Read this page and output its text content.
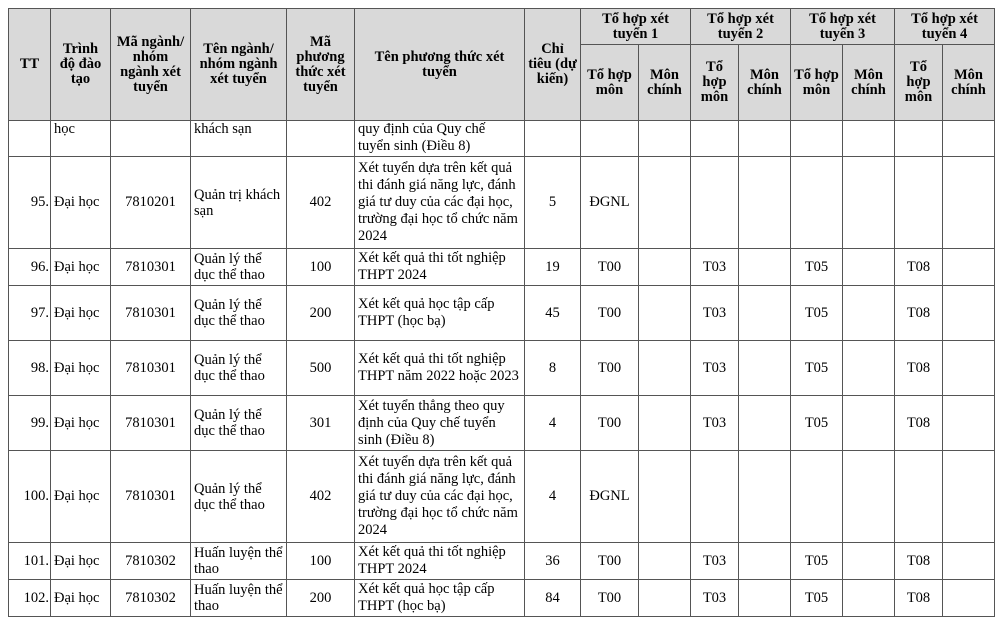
TT	Trình độ đào tạo	Mã ngành/ nhóm ngành xét tuyển	Tên ngành/ nhóm ngành xét tuyển	Mã phương thức xét tuyển	Tên phương thức xét tuyển	Chỉ tiêu (dự kiến)	Tổ hợp xét tuyển 1		Tổ hợp xét tuyển 2		Tổ hợp xét tuyển 3		Tổ hợp xét tuyển 4	
							Tổ hợp môn	Môn chính	Tổ hợp môn	Môn chính	Tổ hợp môn	Môn chính	Tổ hợp môn	Môn chính
	học		khách sạn		quy định của Quy chế tuyển sinh (Điều 8)									
95.	Đại học	7810201	Quản trị khách sạn	402	Xét tuyển dựa trên kết quả thi đánh giá năng lực, đánh giá tư duy của các đại học, trường đại học tổ chức năm 2024	5	ĐGNL							
96.	Đại học	7810301	Quản lý thể dục thể thao	100	Xét kết quả thi tốt nghiệp THPT 2024	19	T00		T03		T05		T08	
97.	Đại học	7810301	Quản lý thể dục thể thao	200	Xét kết quả học tập cấp THPT (học bạ)	45	T00		T03		T05		T08	
98.	Đại học	7810301	Quản lý thể dục thể thao	500	Xét kết quả thi tốt nghiệp THPT năm 2022 hoặc 2023	8	T00		T03		T05		T08	
99.	Đại học	7810301	Quản lý thể dục thể thao	301	Xét tuyển thẳng theo quy định của Quy chế tuyển sinh (Điều 8)	4	T00		T03		T05		T08	
100.	Đại học	7810301	Quản lý thể dục thể thao	402	Xét tuyển dựa trên kết quả thi đánh giá năng lực, đánh giá tư duy của các đại học, trường đại học tổ chức năm 2024	4	ĐGNL							
101.	Đại học	7810302	Huấn luyện thể thao	100	Xét kết quả thi tốt nghiệp THPT 2024	36	T00		T03		T05		T08	
102.	Đại học	7810302	Huấn luyện thể thao	200	Xét kết quả học tập cấp THPT (học bạ)	84	T00		T03		T05		T08	
